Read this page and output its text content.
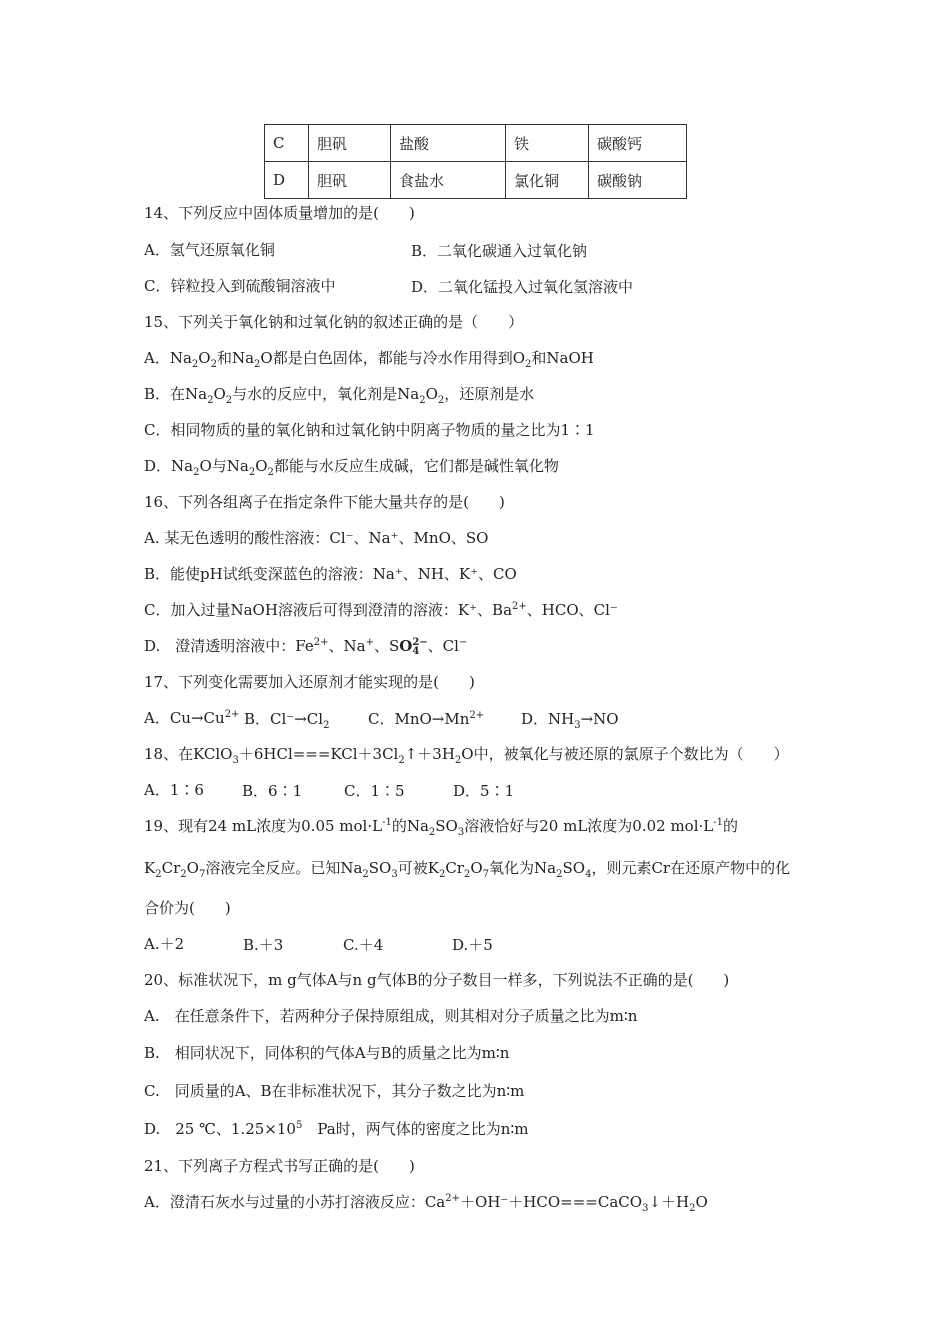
C	胆矾	盐酸	铁	碳酸钙
D	胆矾	食盐水	氯化铜	碳酸钠
14、下列反应中固体质量增加的是(　　)
A．氢气还原氧化铜	B．二氧化碳通入过氧化钠
C．锌粒投入到硫酸铜溶液中	D．二氧化锰投入过氧化氢溶液中
15、下列关于氧化钠和过氧化钠的叙述正确的是（　　）
A．$Na_2O_2$和$Na_2O$都是白色固体，都能与冷水作用得到$O_2$和NaOH
B．在$Na_2O_2$与水的反应中，氧化剂是$Na_2O_2$，还原剂是水
C．相同物质的量的氧化钠和过氧化钠中阴离子物质的量之比为1∶1
D．$Na_2O$与$Na_2O_2$都能与水反应生成碱，它们都是碱性氧化物
16、下列各组离子在指定条件下能大量共存的是(　　)
A. 某无色透明的酸性溶液：Cl⁻、Na⁺、MnO、SO
B．能使pH试纸变深蓝色的溶液：Na⁺、NH、K⁺、CO
C．加入过量NaOH溶液后可得到澄清的溶液：K⁺、$Ba^{2+}$、HCO、Cl⁻
D.　澄清透明溶液中：$Fe^{2+}$、Na+、SO 2−
4 、Cl−
17、下列变化需要加入还原剂才能实现的是(　　)
A．$Cu\to Cu^{2+}$ B．$Cl^-\to Cl_2$	C．$MnO\to Mn^{2+}$ D．$NH_3\to NO$
18、在$KClO_3+6HCl===KCl+3Cl_2↑+3H_2O$中，被氧化与被还原的氯原子个数比为（　　）
A．1∶6	B．6∶1	C．1∶5	D．5∶1
19、现有24 mL浓度为0.05 $mol\cdot L^{-1}$的$Na_2SO_3$溶液恰好与20 mL浓度为0.02 $mol\cdot L^{-1}$的
$K_2Cr_2O_7$溶液完全反应。已知$Na_2SO_3$可被$K_2Cr_2O_7$氧化为$Na_2SO_4$，则元素Cr在还原产物中的化
合价为(　　)
A.＋2	B.＋3	C.＋4	D.＋5
20、标准状况下，m g气体A与n g气体B的分子数目一样多，下列说法不正确的是(　　)
A.　在任意条件下，若两种分子保持原组成，则其相对分子质量之比为m∶n
B.　相同状况下，同体积的气体A与B的质量之比为m∶n
C.　同质量的A、B在非标准状况下，其分子数之比为n∶m
D.　25 ℃、$1.25\times 10^5$　Pa时，两气体的密度之比为n∶m
21、下列离子方程式书写正确的是(　　)
A．澄清石灰水与过量的小苏打溶液反应：$Ca^{2+}+OH^-+HCO===CaCO_3↓+H_2O$
